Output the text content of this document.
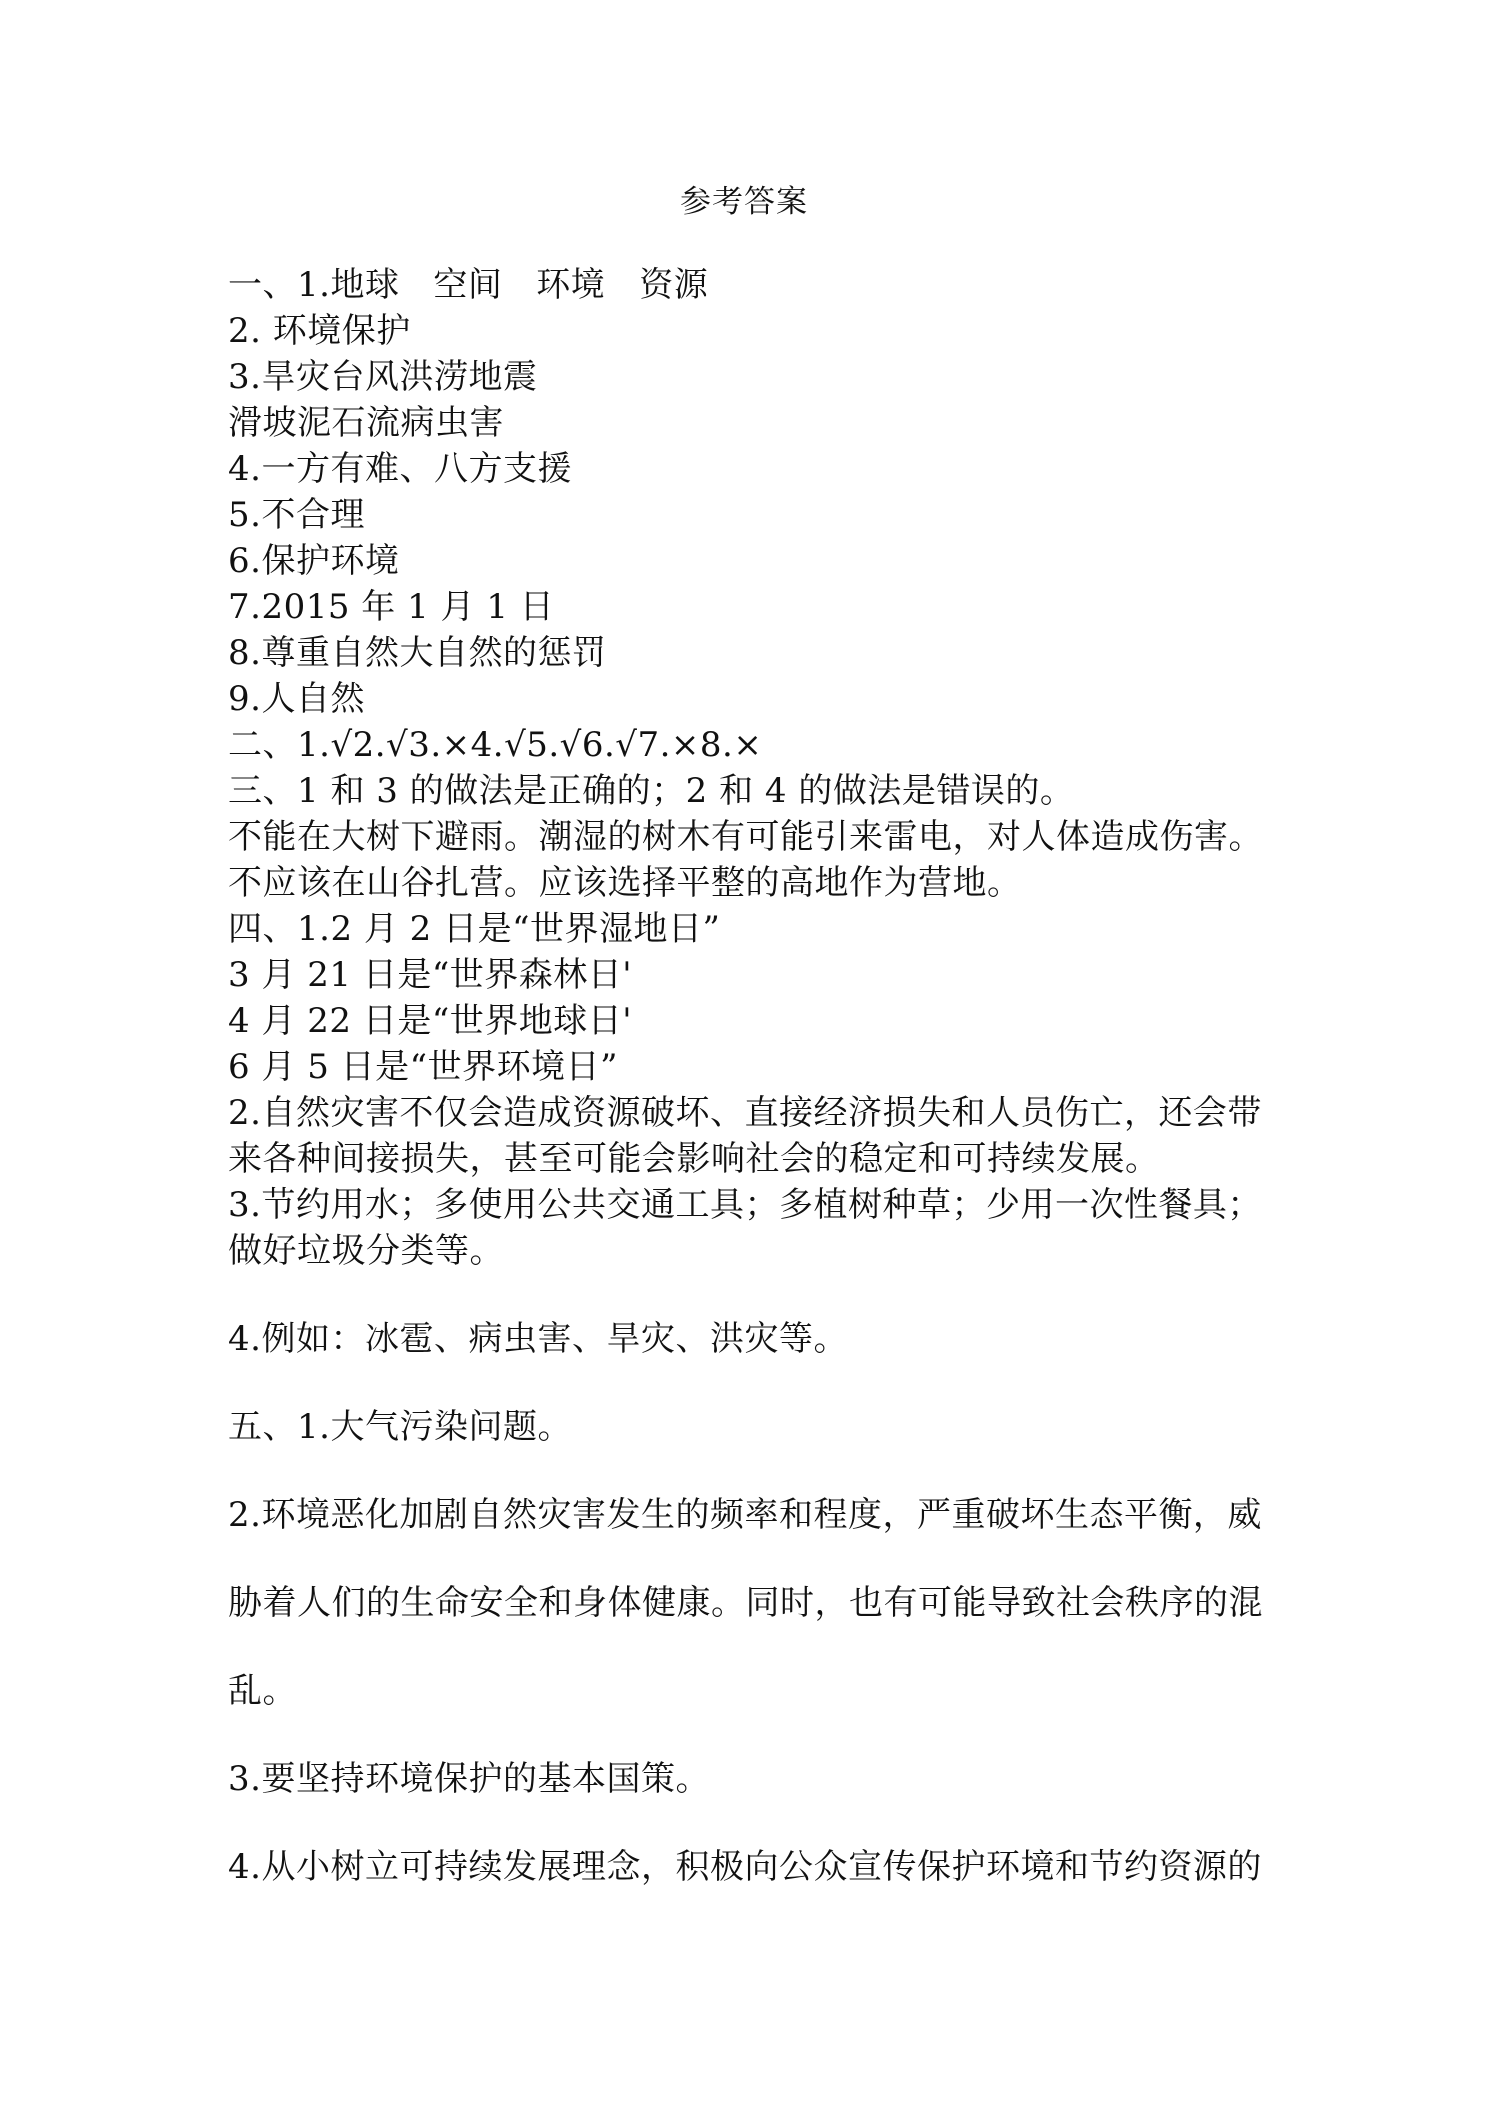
参考答案
一、1.地球   空间   环境   资源
2. 环境保护
3.旱灾台风洪涝地震
滑坡泥石流病虫害
4.一方有难、八方支援
5.不合理
6.保护环境
7.2015 年 1 月 1 日
8.尊重自然大自然的惩罚
9.人自然
二、1.√2.√3.×4.√5.√6.√7.×8.×
三、1 和 3 的做法是正确的；2 和 4 的做法是错误的。
不能在大树下避雨。潮湿的树木有可能引来雷电，对人体造成伤害。
不应该在山谷扎营。应该选择平整的高地作为营地。
四、1.2 月 2 日是“世界湿地日”
3 月 21 日是“世界森林日'
4 月 22 日是“世界地球日'
6 月 5 日是“世界环境日”
2.自然灾害不仅会造成资源破坏、直接经济损失和人员伤亡，还会带
来各种间接损失，甚至可能会影响社会的稳定和可持续发展。
3.节约用水；多使用公共交通工具；多植树种草；少用一次性餐具；
做好垃圾分类等。
4.例如：冰雹、病虫害、旱灾、洪灾等。
五、1.大气污染问题。
2.环境恶化加剧自然灾害发生的频率和程度，严重破坏生态平衡，威
胁着人们的生命安全和身体健康。同时，也有可能导致社会秩序的混
乱。
3.要坚持环境保护的基本国策。
4.从小树立可持续发展理念，积极向公众宣传保护环境和节约资源的
